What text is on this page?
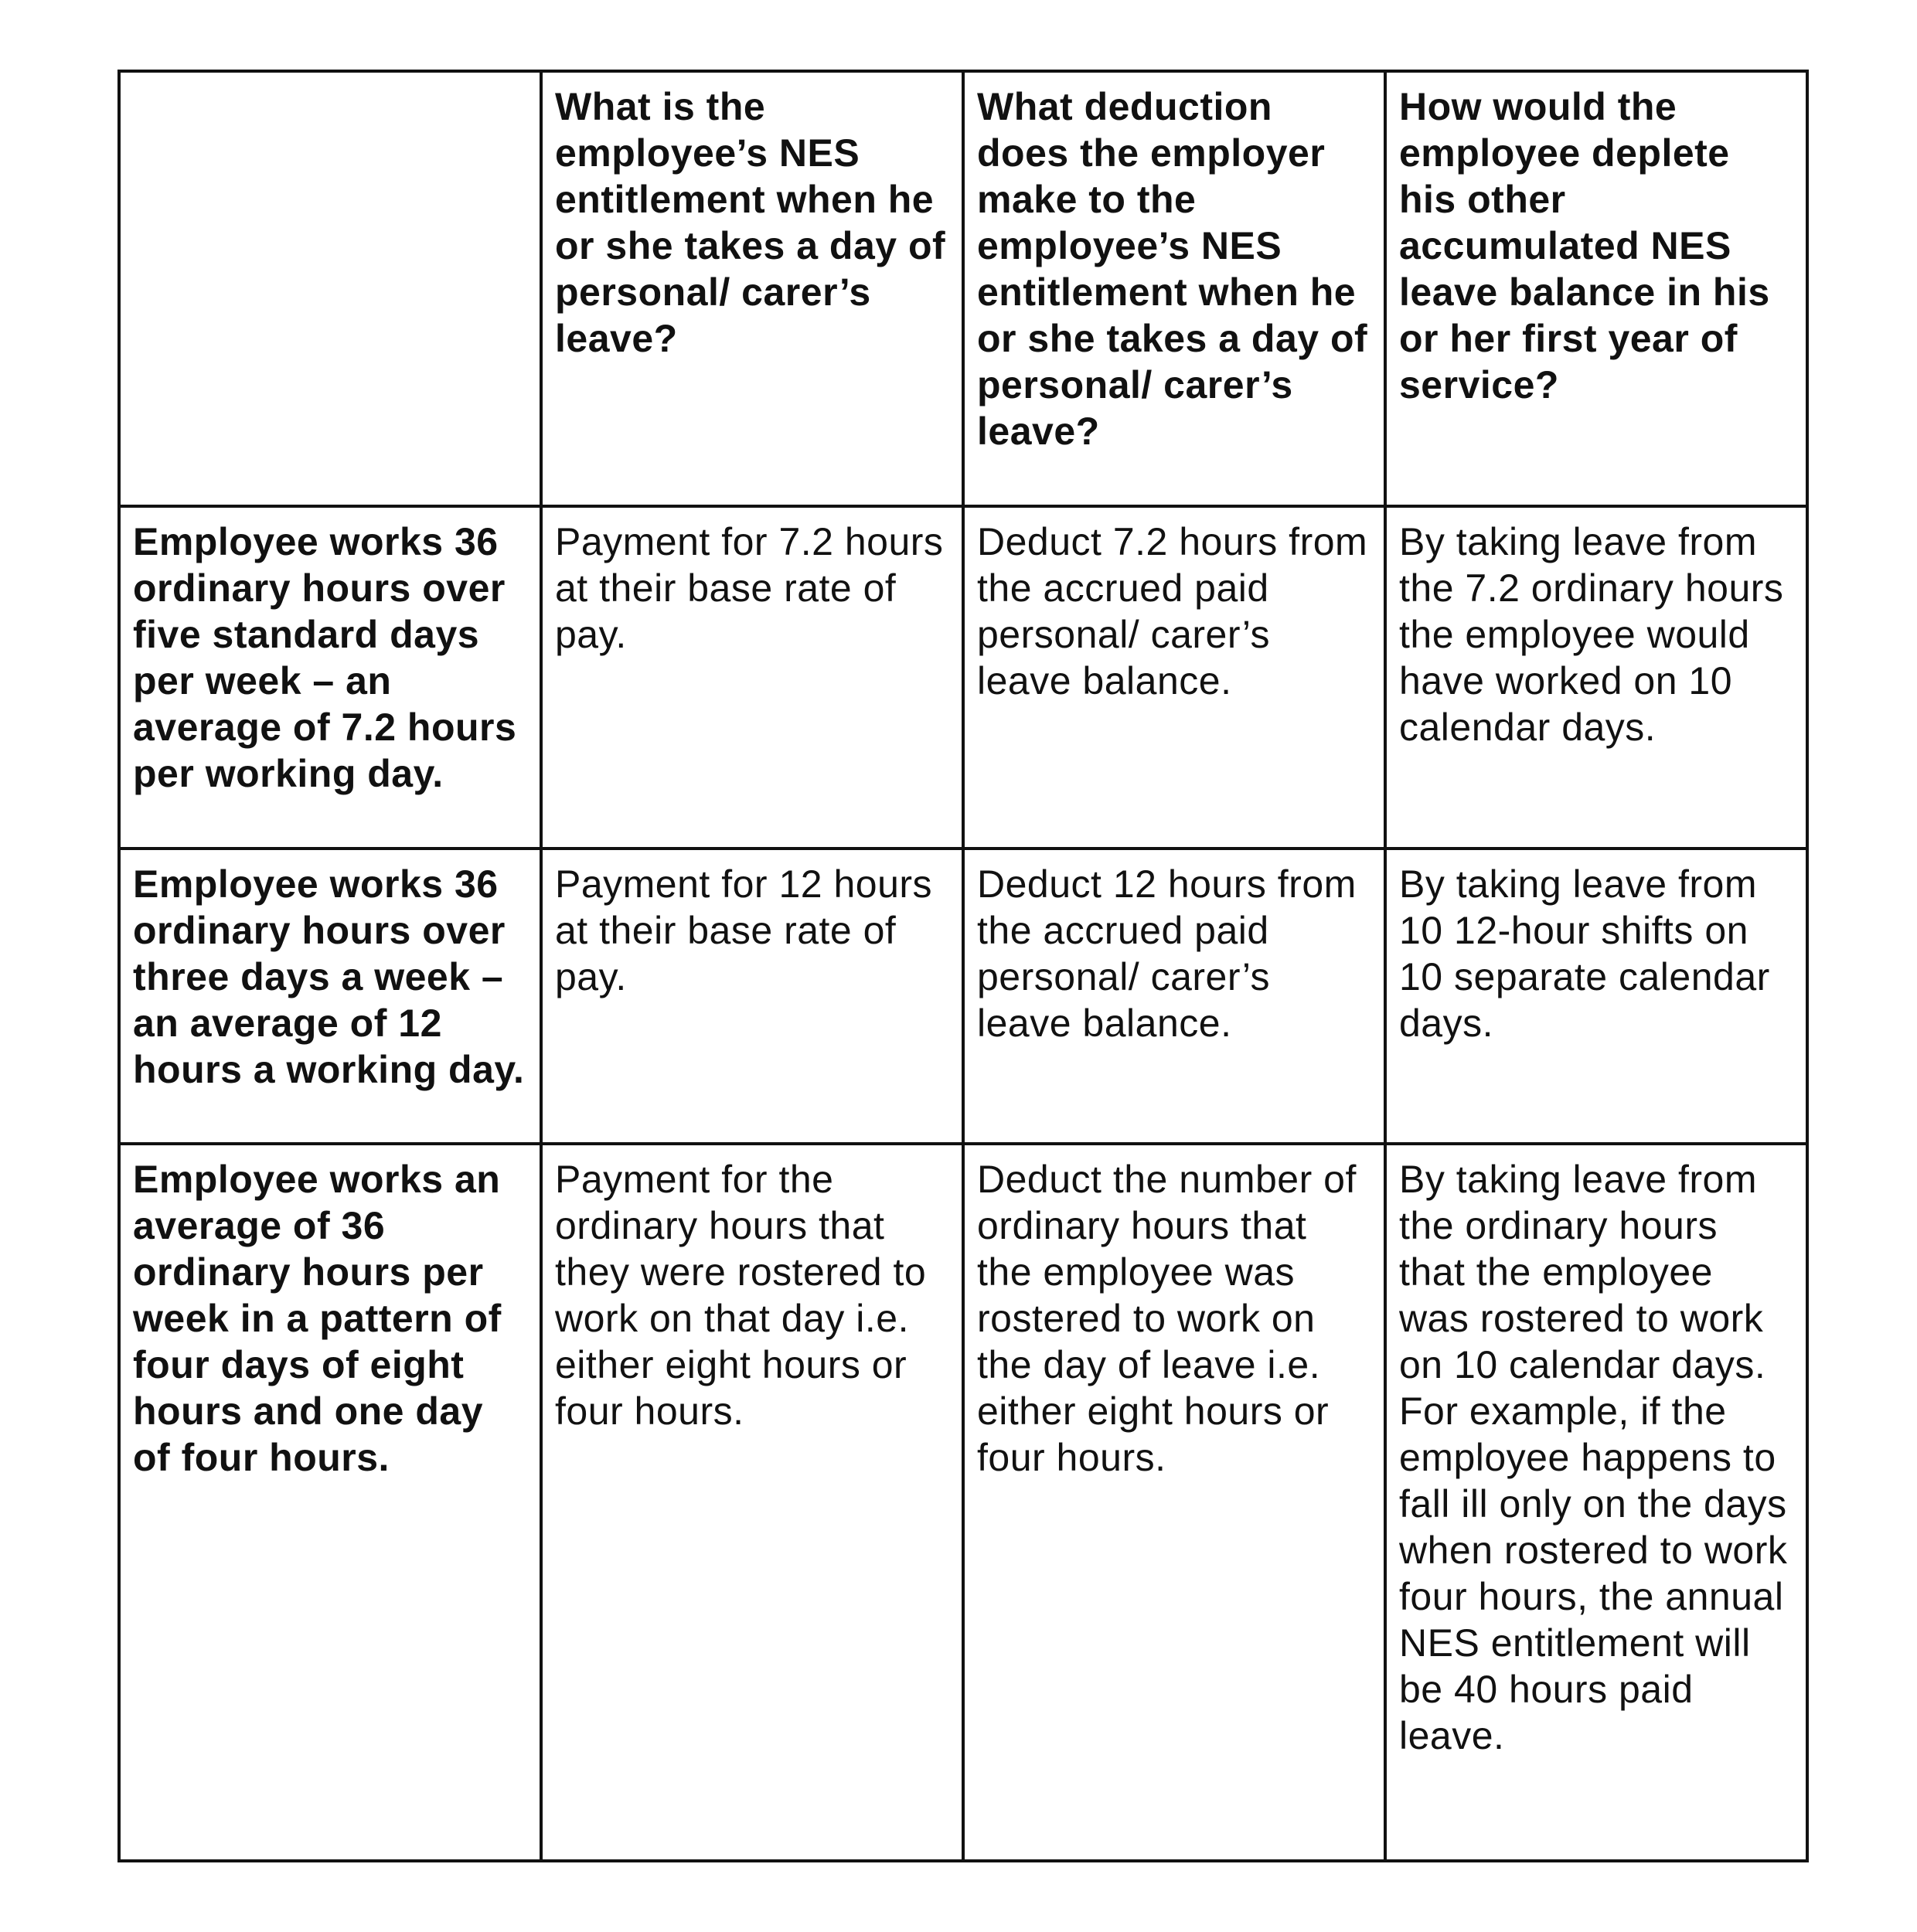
	What is the employee’s NES entitlement when he or she takes a day of personal/ carer’s leave?	What deduction does the employer make to the employee’s NES entitlement when he or she takes a day of personal/ carer’s leave?	How would the employee deplete his other accumulated NES leave balance in his or her first year of service?
Employee works 36 ordinary hours over five standard days per week – an average of 7.2 hours per working day.	Payment for 7.2 hours at their base rate of pay.	Deduct 7.2 hours from the accrued paid personal/ carer’s leave balance.	By taking leave from the 7.2 ordinary hours the employee would have worked on 10 calendar days.
Employee works 36 ordinary hours over three days a week – an average of 12 hours a working day.	Payment for 12 hours at their base rate of pay.	Deduct 12 hours from the accrued paid personal/ carer’s leave balance.	By taking leave from 10 12-hour shifts on 10 separate calendar days.
Employee works an average of 36 ordinary hours per week in a pattern of four days of eight hours and one day of four hours.	Payment for the ordinary hours that they were rostered to work on that day i.e. either eight hours or four hours.	Deduct the number of ordinary hours that the employee was rostered to work on the day of leave i.e. either eight hours or four hours.	By taking leave from the ordinary hours that the employee was rostered to work on 10 calendar days. For example, if the employee happens to fall ill only on the days when rostered to work four hours, the annual NES entitlement will be 40 hours paid leave.
